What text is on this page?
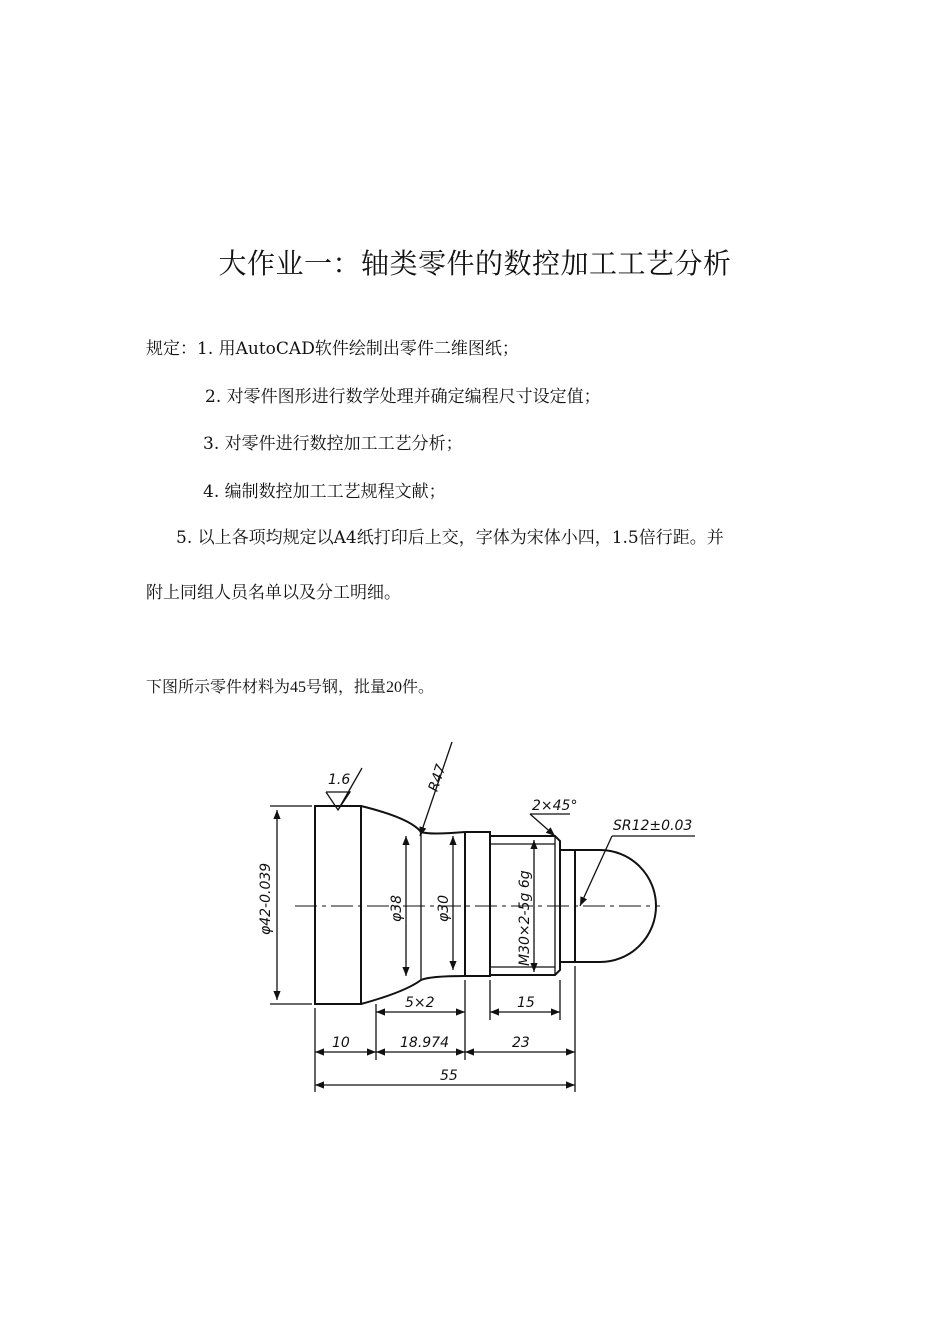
大作业一：轴类零件的数控加工工艺分析
规定：1. 用AutoCAD软件绘制出零件二维图纸；
2. 对零件图形进行数学处理并确定编程尺寸设定值；
3. 对零件进行数控加工工艺分析；
4. 编制数控加工工艺规程文献；
5. 以上各项均规定以A4纸打印后上交，字体为宋体小四，1.5倍行距。并
附上同组人员名单以及分工明细。
下图所示零件材料为45号钢，批量20件。
1.6	R47
2×45°
SR12±0.03
φ42-0.039	φ38 φ30	M30×2-5g 6g
5×2	15
10	18.974	23
55
